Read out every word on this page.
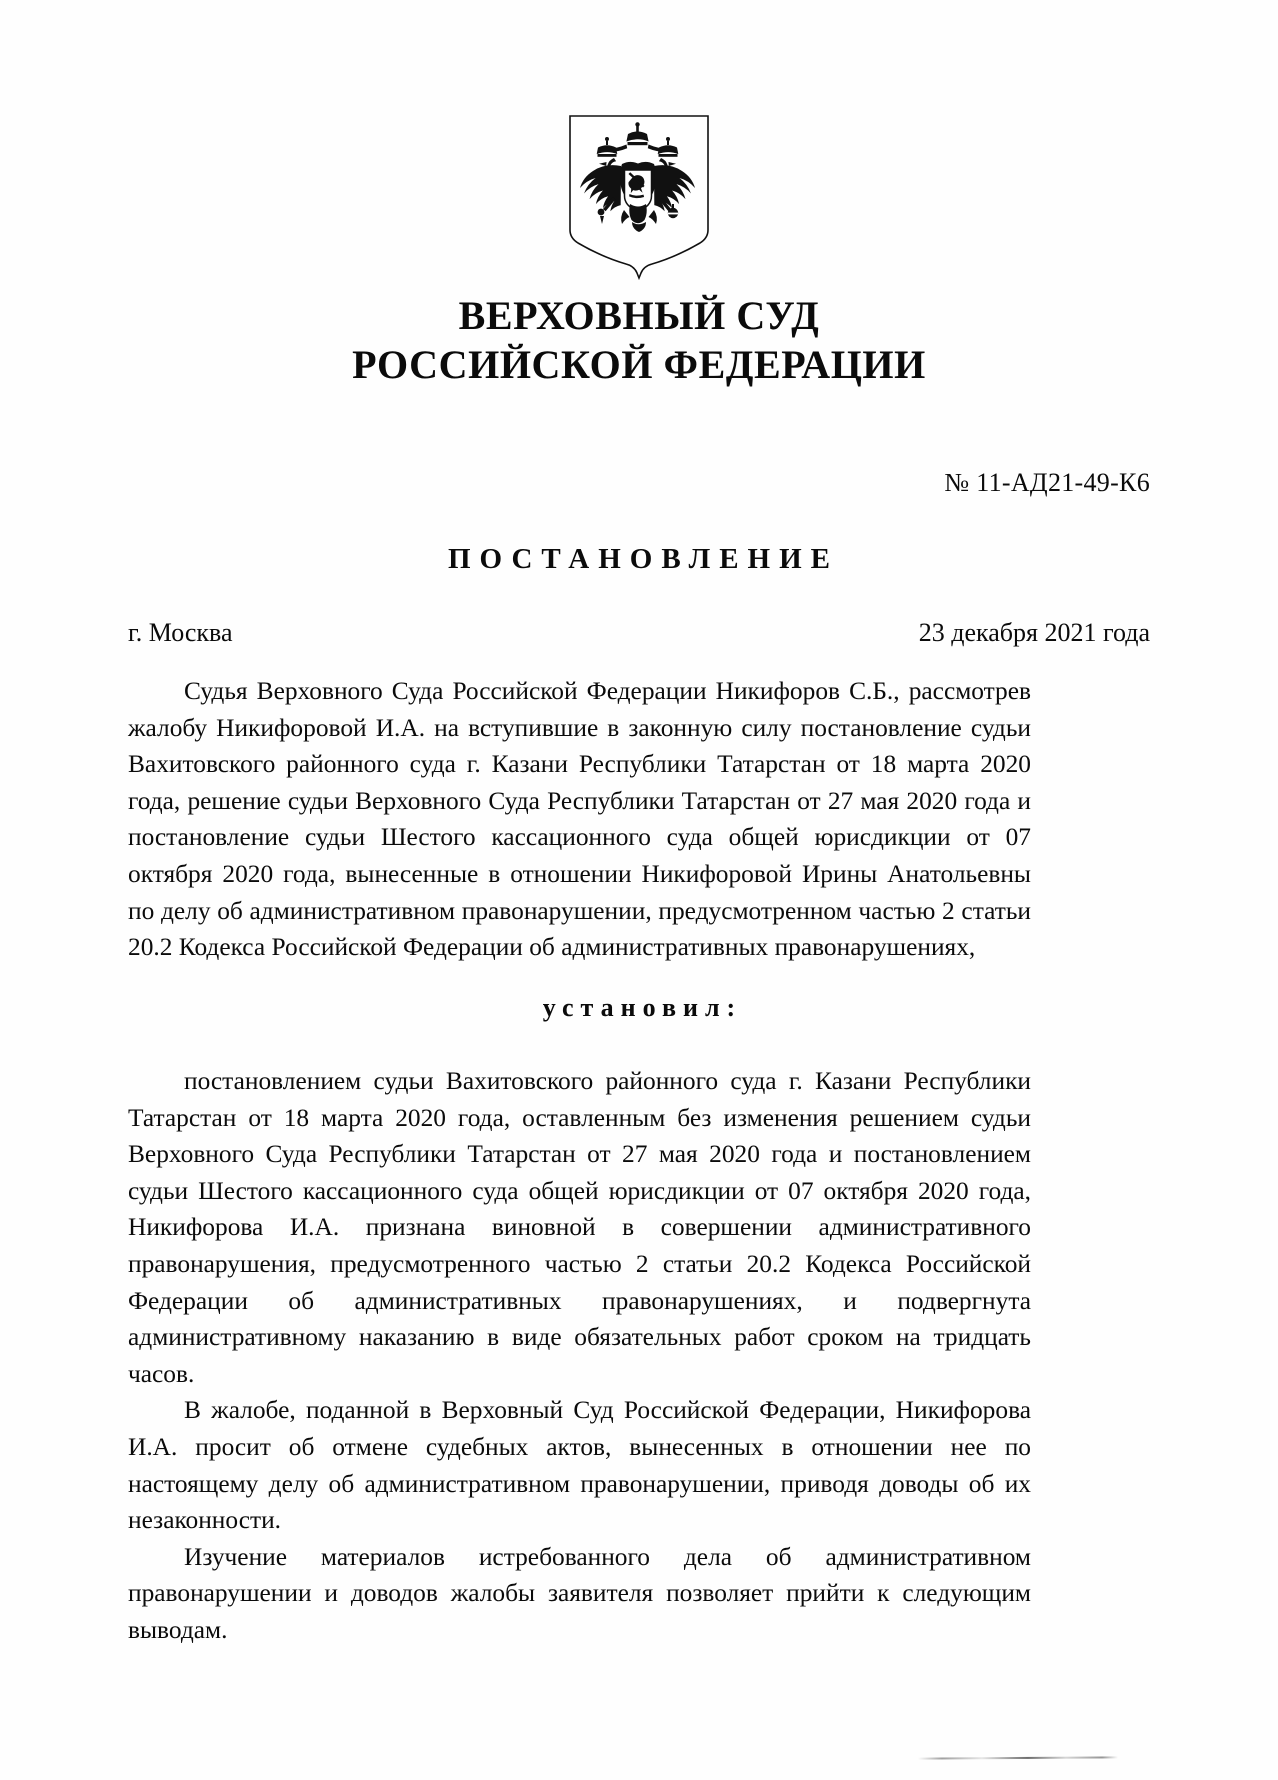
ВЕРХОВНЫЙ СУД
РОССИЙСКОЙ ФЕДЕРАЦИИ
№ 11-АД21-49-К6
ПОСТАНОВЛЕНИЕ
г. Москва	23 декабря 2021 года

Судья Верховного Суда Российской Федерации Никифоров С.Б., рассмотрев жалобу Никифоровой И.А. на вступившие в законную силу постановление судьи Вахитовского районного суда г. Казани Республики Татарстан от 18 марта 2020 года, решение судьи Верховного Суда Республики Татарстан от 27 мая 2020 года и постановление судьи Шестого кассационного суда общей юрисдикции от 07 октября 2020 года, вынесенные в отношении Никифоровой Ирины Анатольевны по делу об административном правонарушении, предусмотренном частью 2 статьи 20.2 Кодекса Российской Федерации об административных правонарушениях,

установил:

постановлением судьи Вахитовского районного суда г. Казани Республики Татарстан от 18 марта 2020 года, оставленным без изменения решением судьи Верховного Суда Республики Татарстан от 27 мая 2020 года и постановлением судьи Шестого кассационного суда общей юрисдикции от 07 октября 2020 года, Никифорова И.А. признана виновной в совершении административного правонарушения, предусмотренного частью 2 статьи 20.2 Кодекса Российской Федерации об административных правонарушениях, и подвергнута административному наказанию в виде обязательных работ сроком на тридцать часов.

В жалобе, поданной в Верховный Суд Российской Федерации, Никифорова И.А. просит об отмене судебных актов, вынесенных в отношении нее по настоящему делу об административном правонарушении, приводя доводы об их незаконности.

Изучение материалов истребованного дела об административном правонарушении и доводов жалобы заявителя позволяет прийти к следующим выводам.
